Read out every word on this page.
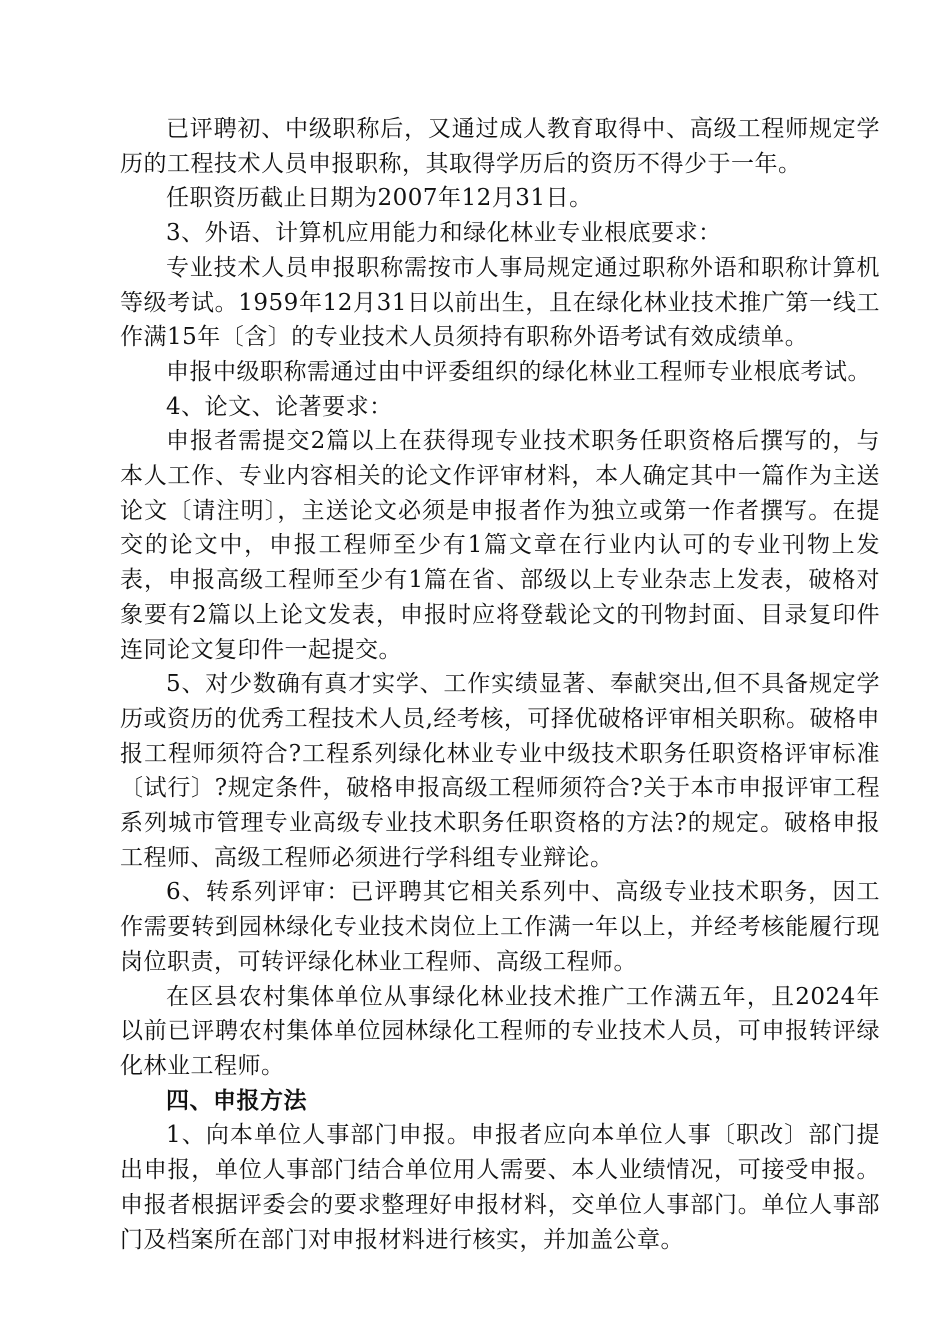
已评聘初、中级职称后，又通过成人教育取得中、高级工程师规定学历的工程技术人员申报职称，其取得学历后的资历不得少于一年。

任职资历截止日期为2007年12月31日。

3、外语、计算机应用能力和绿化林业专业根底要求：

专业技术人员申报职称需按市人事局规定通过职称外语和职称计算机等级考试。1959年12月31日以前出生，且在绿化林业技术推广第一线工作满15年〔含〕的专业技术人员须持有职称外语考试有效成绩单。

申报中级职称需通过由中评委组织的绿化林业工程师专业根底考试。

4、论文、论著要求：

申报者需提交2篇以上在获得现专业技术职务任职资格后撰写的，与本人工作、专业内容相关的论文作评审材料，本人确定其中一篇作为主送论文〔请注明〕，主送论文必须是申报者作为独立或第一作者撰写。在提交的论文中，申报工程师至少有1篇文章在行业内认可的专业刊物上发表，申报高级工程师至少有1篇在省、部级以上专业杂志上发表，破格对象要有2篇以上论文发表，申报时应将登载论文的刊物封面、目录复印件连同论文复印件一起提交。

5、对少数确有真才实学、工作实绩显著、奉献突出,但不具备规定学历或资历的优秀工程技术人员,经考核，可择优破格评审相关职称。破格申报工程师须符合?工程系列绿化林业专业中级技术职务任职资格评审标准〔试行〕?规定条件，破格申报高级工程师须符合?关于本市申报评审工程系列城市管理专业高级专业技术职务任职资格的方法?的规定。破格申报工程师、高级工程师必须进行学科组专业辩论。

6、转系列评审：已评聘其它相关系列中、高级专业技术职务，因工作需要转到园林绿化专业技术岗位上工作满一年以上，并经考核能履行现岗位职责，可转评绿化林业工程师、高级工程师。

在区县农村集体单位从事绿化林业技术推广工作满五年，且2024年以前已评聘农村集体单位园林绿化工程师的专业技术人员，可申报转评绿化林业工程师。

四、申报方法

1、向本单位人事部门申报。申报者应向本单位人事〔职改〕部门提出申报，单位人事部门结合单位用人需要、本人业绩情况，可接受申报。申报者根据评委会的要求整理好申报材料，交单位人事部门。单位人事部门及档案所在部门对申报材料进行核实，并加盖公章。
